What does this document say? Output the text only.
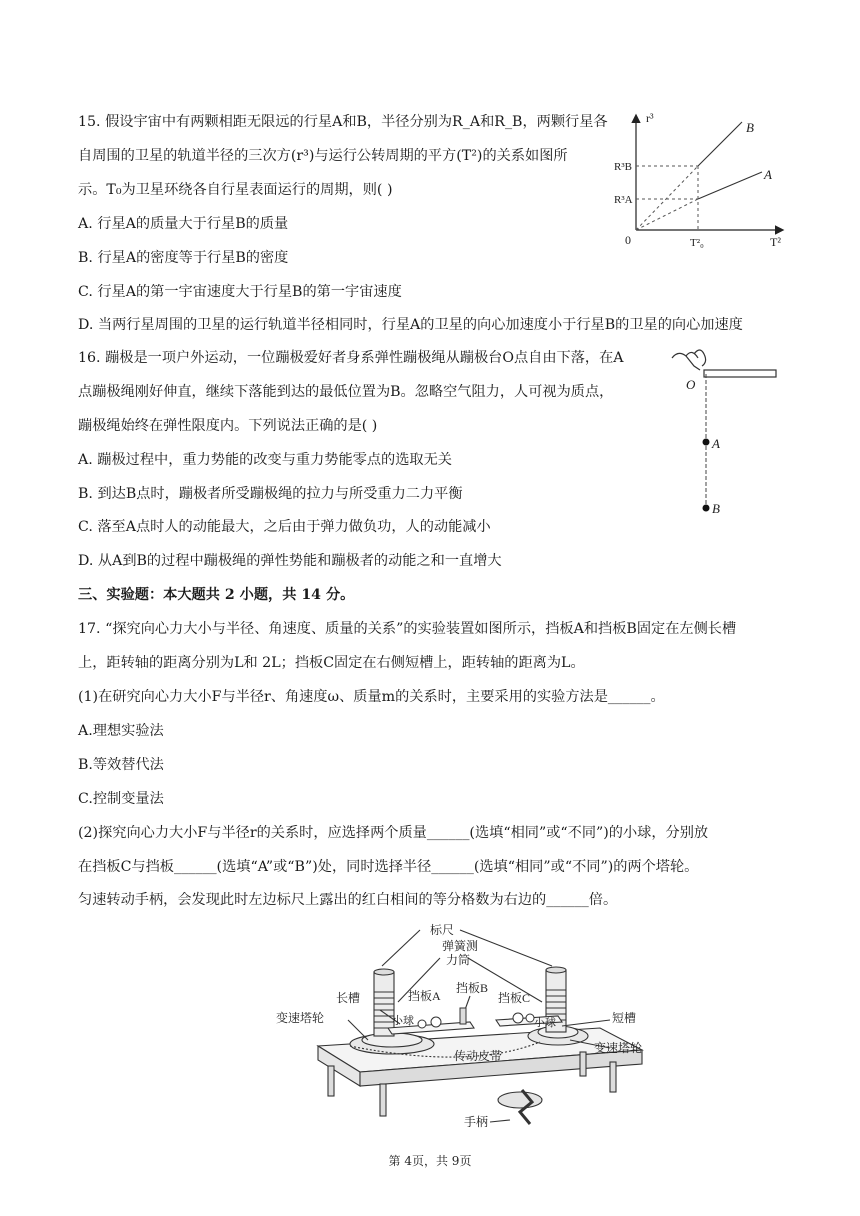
15. 假设宇宙中有两颗相距无限远的行星A和B，半径分别为R_A和R_B，两颗行星各
自周围的卫星的轨道半径的三次方(r³)与运行公转周期的平方(T²)的关系如图所
示。T₀为卫星环绕各自行星表面运行的周期，则( )
A. 行星A的质量大于行星B的质量
B. 行星A的密度等于行星B的密度
C. 行星A的第一宇宙速度大于行星B的第一宇宙速度
D. 当两行星周围的卫星的运行轨道半径相同时，行星A的卫星的向心加速度小于行星B的卫星的向心加速度
r³
T²
0
R³B
R³A
T²₀
B
A
16. 蹦极是一项户外运动，一位蹦极爱好者身系弹性蹦极绳从蹦极台O点自由下落，在A
点蹦极绳刚好伸直，继续下落能到达的最低位置为B。忽略空气阻力，人可视为质点，
蹦极绳始终在弹性限度内。下列说法正确的是( )
A. 蹦极过程中，重力势能的改变与重力势能零点的选取无关
B. 到达B点时，蹦极者所受蹦极绳的拉力与所受重力二力平衡
C. 落至A点时人的动能最大，之后由于弹力做负功，人的动能减小
D. 从A到B的过程中蹦极绳的弹性势能和蹦极者的动能之和一直增大
O
A
B
三、实验题：本大题共 2 小题，共 14 分。
17. “探究向心力大小与半径、角速度、质量的关系”的实验装置如图所示，挡板A和挡板B固定在左侧长槽
上，距转轴的距离分别为L和 2L；挡板C固定在右侧短槽上，距转轴的距离为L。
(1)在研究向心力大小F与半径r、角速度ω、质量m的关系时，主要采用的实验方法是______。
A.理想实验法
B.等效替代法
C.控制变量法
(2)探究向心力大小F与半径r的关系时，应选择两个质量______(选填“相同”或“不同”)的小球，分别放
在挡板C与挡板______(选填“A”或“B”)处，同时选择半径______(选填“相同”或“不同”)的两个塔轮。
匀速转动手柄，会发现此时左边标尺上露出的红白相间的等分格数为右边的______倍。
标尺
弹簧测
力筒
挡板A
挡板B
挡板C
长槽
短槽
小球	小球
变速塔轮
变速塔轮
传动皮带
手柄
第 4页，共 9页
